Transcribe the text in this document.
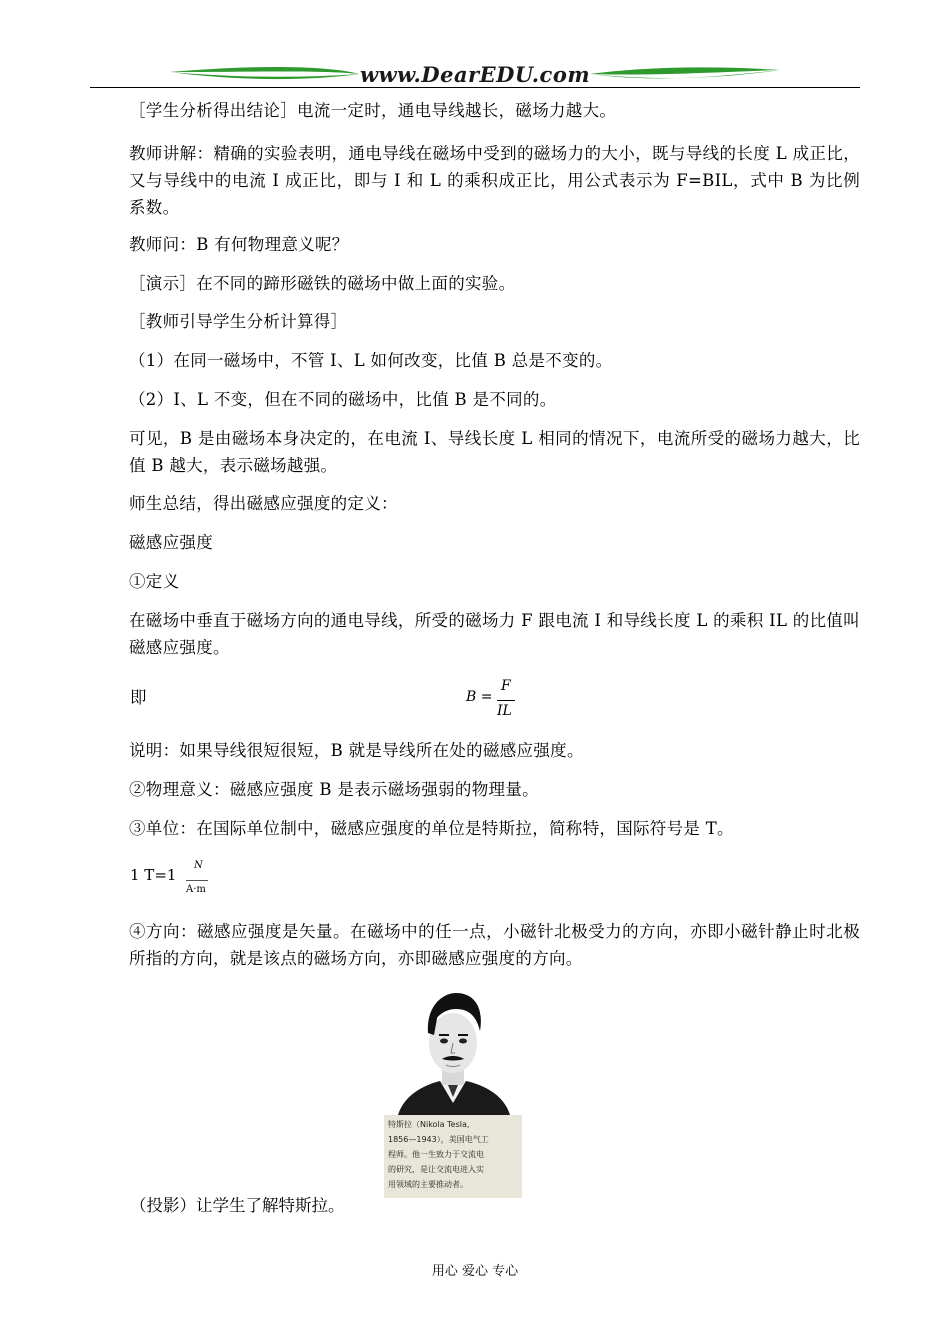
www.DearEDU.com
［学生分析得出结论］电流一定时，通电导线越长，磁场力越大。
教师讲解：精确的实验表明，通电导线在磁场中受到的磁场力的大小，既与导线的长度 L 成正比，又与导线中的电流 I 成正比，即与 I 和 L 的乘积成正比，用公式表示为 F=BIL，式中 B 为比例系数。
教师问：B 有何物理意义呢？
［演示］在不同的蹄形磁铁的磁场中做上面的实验。
［教师引导学生分析计算得］
（1）在同一磁场中，不管 I、L 如何改变，比值 B 总是不变的。
（2）I、L 不变，但在不同的磁场中，比值 B 是不同的。
可见，B 是由磁场本身决定的，在电流 I、导线长度 L 相同的情况下，电流所受的磁场力越大，比值 B 越大，表示磁场越强。
师生总结，得出磁感应强度的定义：
磁感应强度
①定义
在磁场中垂直于磁场方向的通电导线，所受的磁场力 F 跟电流 I 和导线长度 L 的乘积 IL 的比值叫磁感应强度。
即	B =
F
IL
说明：如果导线很短很短，B 就是导线所在处的磁感应强度。
②物理意义：磁感应强度 B 是表示磁场强弱的物理量。
③单位：在国际单位制中，磁感应强度的单位是特斯拉，简称特，国际符号是 T。
1 T=1
N
A·m
④方向：磁感应强度是矢量。在磁场中的任一点，小磁针北极受力的方向，亦即小磁针静止时北极所指的方向，就是该点的磁场方向，亦即磁感应强度的方向。
特斯拉（Nikola Tesla,
1856—1943），美国电气工
程师。他一生致力于交流电
的研究，是让交流电进入实
用领域的主要推动者。
（投影）让学生了解特斯拉。
用心 爱心 专心
